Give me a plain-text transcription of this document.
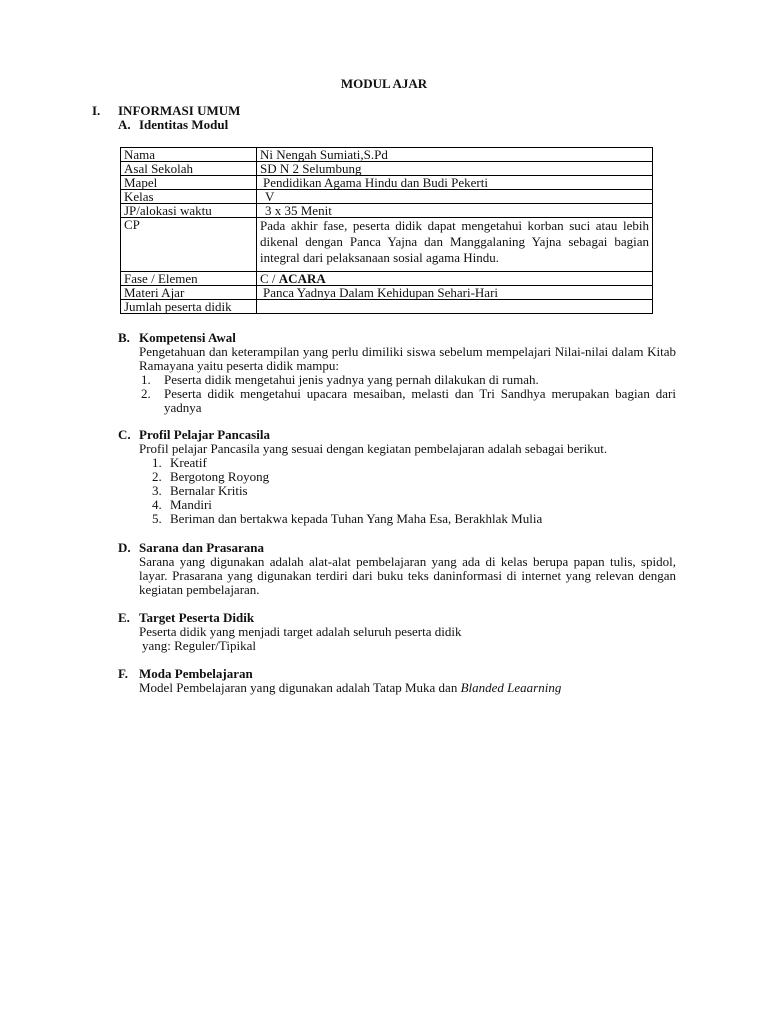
MODUL AJAR
I. INFORMASI UMUM
A. Identitas Modul
Nama	Ni Nengah Sumiati,S.Pd
Asal Sekolah	SD N 2 Selumbung
Mapel	Pendidikan Agama Hindu dan Budi Pekerti
Kelas	V
JP/alokasi waktu	3 x 35 Menit
CP	Pada akhir fase, peserta didik dapat mengetahui korban suci atau lebih dikenal dengan Panca Yajna dan Manggalaning Yajna sebagai bagian integral dari pelaksanaan sosial agama Hindu.
Fase / Elemen	C / ACARA
Materi Ajar	Panca Yadnya Dalam Kehidupan Sehari-Hari
Jumlah peserta didik	
B. Kompetensi Awal
Pengetahuan dan keterampilan yang perlu dimiliki siswa sebelum mempelajari Nilai-nilai dalam Kitab Ramayana yaitu peserta didik mampu:
1. Peserta didik mengetahui jenis yadnya yang pernah dilakukan di rumah.
2. Peserta didik mengetahui upacara mesaiban, melasti dan Tri Sandhya merupakan bagian dari yadnya
C. Profil Pelajar Pancasila
Profil pelajar Pancasila yang sesuai dengan kegiatan pembelajaran adalah sebagai berikut.
1. Kreatif
2. Bergotong Royong
3. Bernalar Kritis
4. Mandiri
5. Beriman dan bertakwa kepada Tuhan Yang Maha Esa, Berakhlak Mulia
D. Sarana dan Prasarana
Sarana yang digunakan adalah alat-alat pembelajaran yang ada di kelas berupa papan tulis, spidol, layar. Prasarana yang digunakan terdiri dari buku teks daninformasi di internet yang relevan dengan kegiatan pembelajaran.
E. Target Peserta Didik
Peserta didik yang menjadi target adalah seluruh peserta didik
yang: Reguler/Tipikal
F. Moda Pembelajaran
Model Pembelajaran yang digunakan adalah Tatap Muka dan Blanded Leaarning
